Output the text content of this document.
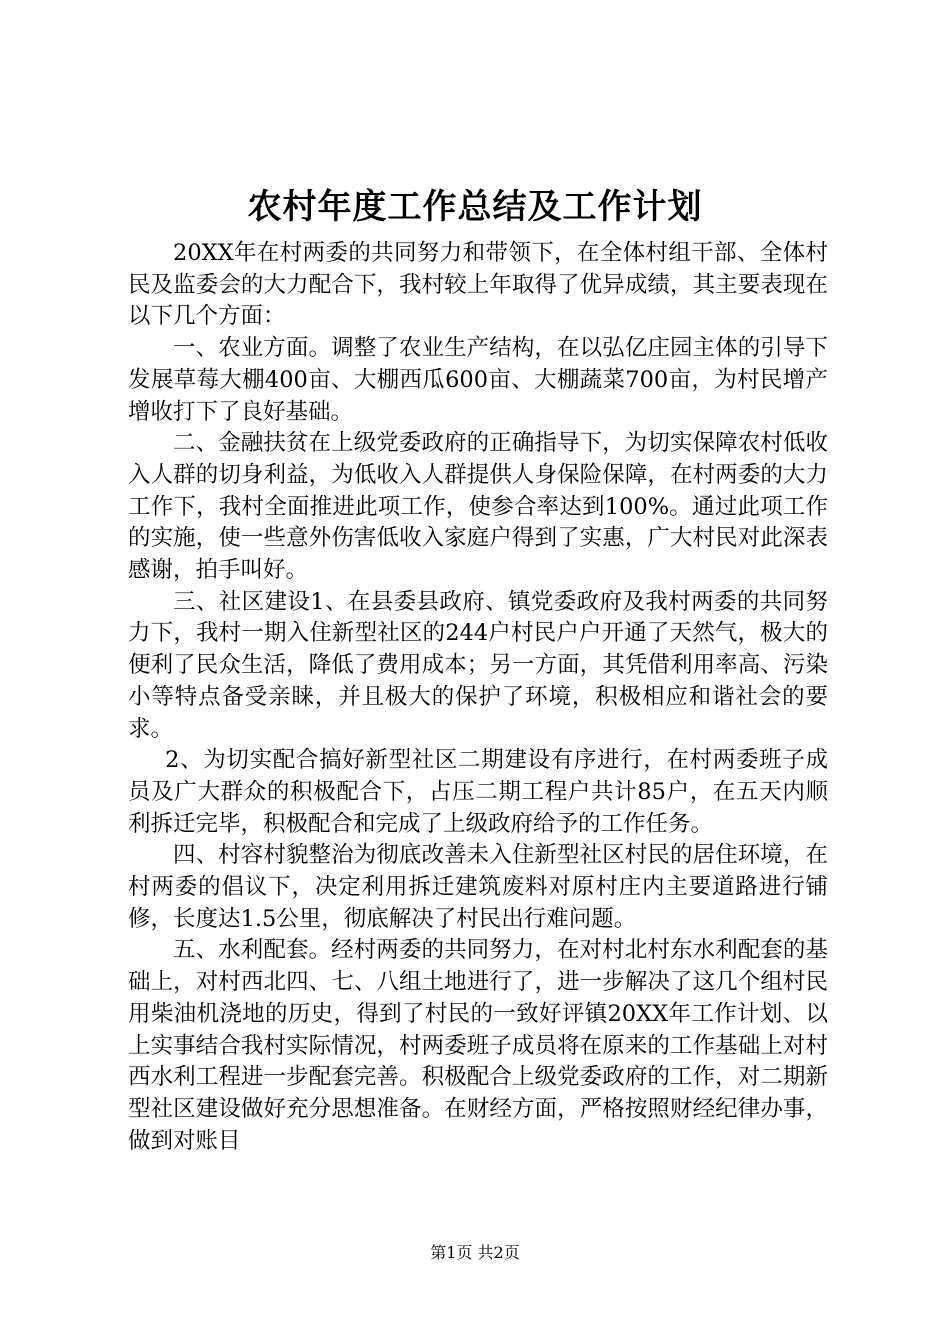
农村年度工作总结及工作计划

20XX年在村两委的共同努力和带领下，在全体村组干部、全体村民及监委会的大力配合下，我村较上年取得了优异成绩，其主要表现在以下几个方面：

一、农业方面。调整了农业生产结构，在以弘亿庄园主体的引导下发展草莓大棚400亩、大棚西瓜600亩、大棚蔬菜700亩，为村民增产增收打下了良好基础。

二、金融扶贫在上级党委政府的正确指导下，为切实保障农村低收入人群的切身利益，为低收入人群提供人身保险保障，在村两委的大力工作下，我村全面推进此项工作，使参合率达到100%。通过此项工作的实施，使一些意外伤害低收入家庭户得到了实惠，广大村民对此深表感谢，拍手叫好。

三、社区建设1、在县委县政府、镇党委政府及我村两委的共同努力下，我村一期入住新型社区的244户村民户户开通了天然气，极大的便利了民众生活，降低了费用成本；另一方面，其凭借利用率高、污染小等特点备受亲睐，并且极大的保护了环境，积极相应和谐社会的要求。

2、为切实配合搞好新型社区二期建设有序进行，在村两委班子成员及广大群众的积极配合下，占压二期工程户共计85户，在五天内顺利拆迁完毕，积极配合和完成了上级政府给予的工作任务。

四、村容村貌整治为彻底改善未入住新型社区村民的居住环境，在村两委的倡议下，决定利用拆迁建筑废料对原村庄内主要道路进行铺修，长度达1.5公里，彻底解决了村民出行难问题。

五、水利配套。经村两委的共同努力，在对村北村东水利配套的基础上，对村西北四、七、八组土地进行了，进一步解决了这几个组村民用柴油机浇地的历史，得到了村民的一致好评镇20XX年工作计划、以上实事结合我村实际情况，村两委班子成员将在原来的工作基础上对村西水利工程进一步配套完善。积极配合上级党委政府的工作，对二期新型社区建设做好充分思想准备。在财经方面，严格按照财经纪律办事，做到对账目

第1页 共2页
